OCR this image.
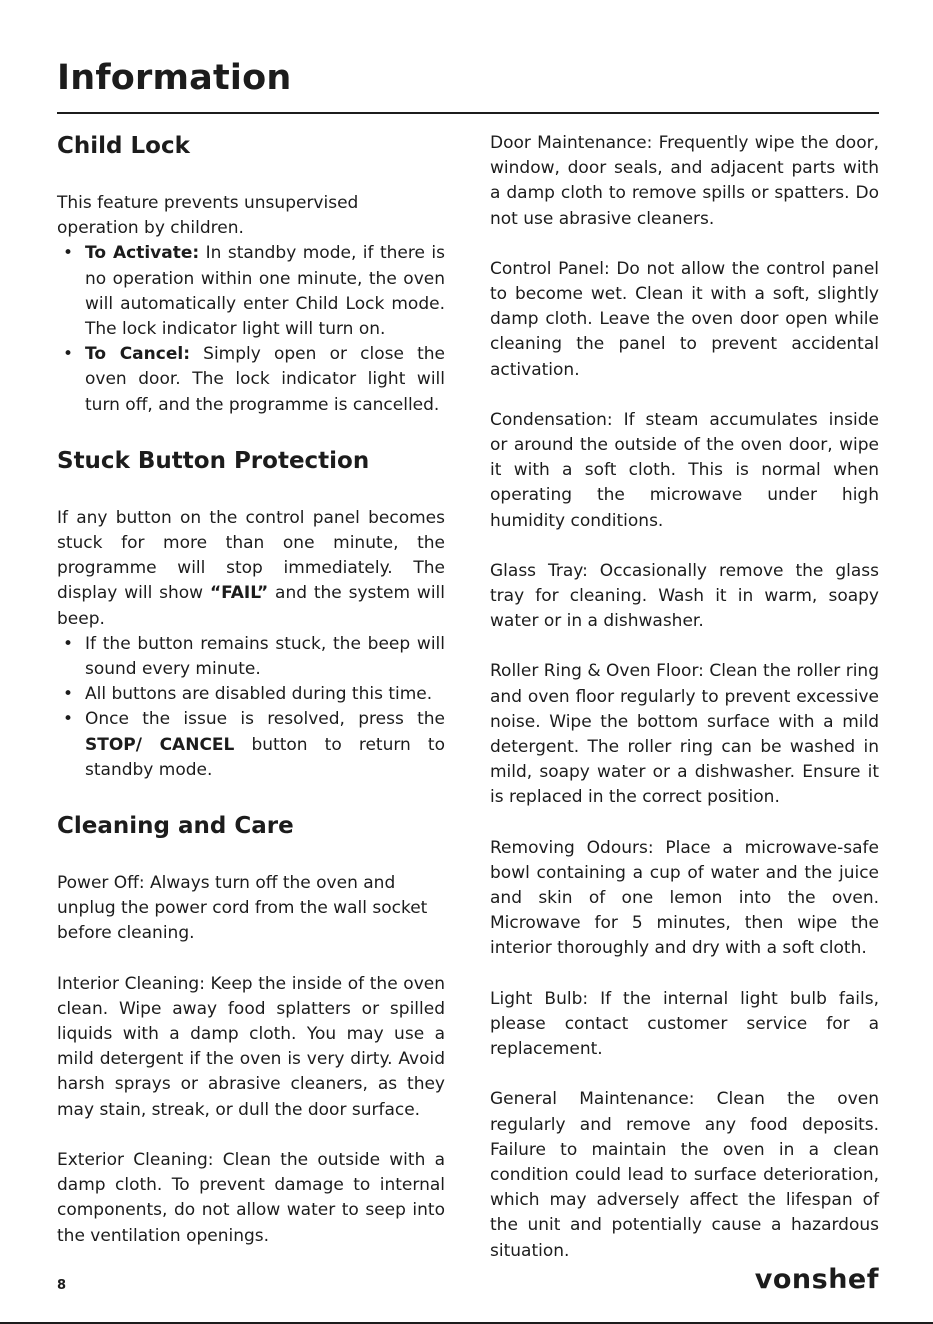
Information
Child Lock

This feature prevents unsupervised operation by children.

• To Activate: In standby mode, if there is no operation within one minute, the oven will automatically enter Child Lock mode. The lock indicator light will turn on.
• To Cancel: Simply open or close the oven door. The lock indicator light will turn off, and the programme is cancelled.
Stuck Button Protection

If any button on the control panel becomes stuck for more than one minute, the programme will stop immediately. The display will show “FAIL” and the system will beep.

• If the button remains stuck, the beep will sound every minute.
• All buttons are disabled during this time.
• Once the issue is resolved, press the STOP/ CANCEL button to return to standby mode.
Cleaning and Care

Power Off: Always turn off the oven and unplug the power cord from the wall socket before cleaning.

Interior Cleaning: Keep the inside of the oven clean. Wipe away food splatters or spilled liquids with a damp cloth. You may use a mild detergent if the oven is very dirty. Avoid harsh sprays or abrasive cleaners, as they may stain, streak, or dull the door surface.

Exterior Cleaning: Clean the outside with a damp cloth. To prevent damage to internal components, do not allow water to seep into the ventilation openings.

Door Maintenance: Frequently wipe the door, window, door seals, and adjacent parts with a damp cloth to remove spills or spatters. Do not use abrasive cleaners.

Control Panel: Do not allow the control panel to become wet. Clean it with a soft, slightly damp cloth. Leave the oven door open while cleaning the panel to prevent accidental activation.

Condensation: If steam accumulates inside or around the outside of the oven door, wipe it with a soft cloth. This is normal when operating the microwave under high humidity conditions.

Glass Tray: Occasionally remove the glass tray for cleaning. Wash it in warm, soapy water or in a dishwasher.

Roller Ring & Oven Floor: Clean the roller ring and oven floor regularly to prevent excessive noise. Wipe the bottom surface with a mild detergent. The roller ring can be washed in mild, soapy water or a dishwasher. Ensure it is replaced in the correct position.

Removing Odours: Place a microwave-safe bowl containing a cup of water and the juice and skin of one lemon into the oven. Microwave for 5 minutes, then wipe the interior thoroughly and dry with a soft cloth.

Light Bulb: If the internal light bulb fails, please contact customer service for a replacement.

General Maintenance: Clean the oven regularly and remove any food deposits. Failure to maintain the oven in a clean condition could lead to surface deterioration, which may adversely affect the lifespan of the unit and potentially cause a hazardous situation.

8	vonshef
